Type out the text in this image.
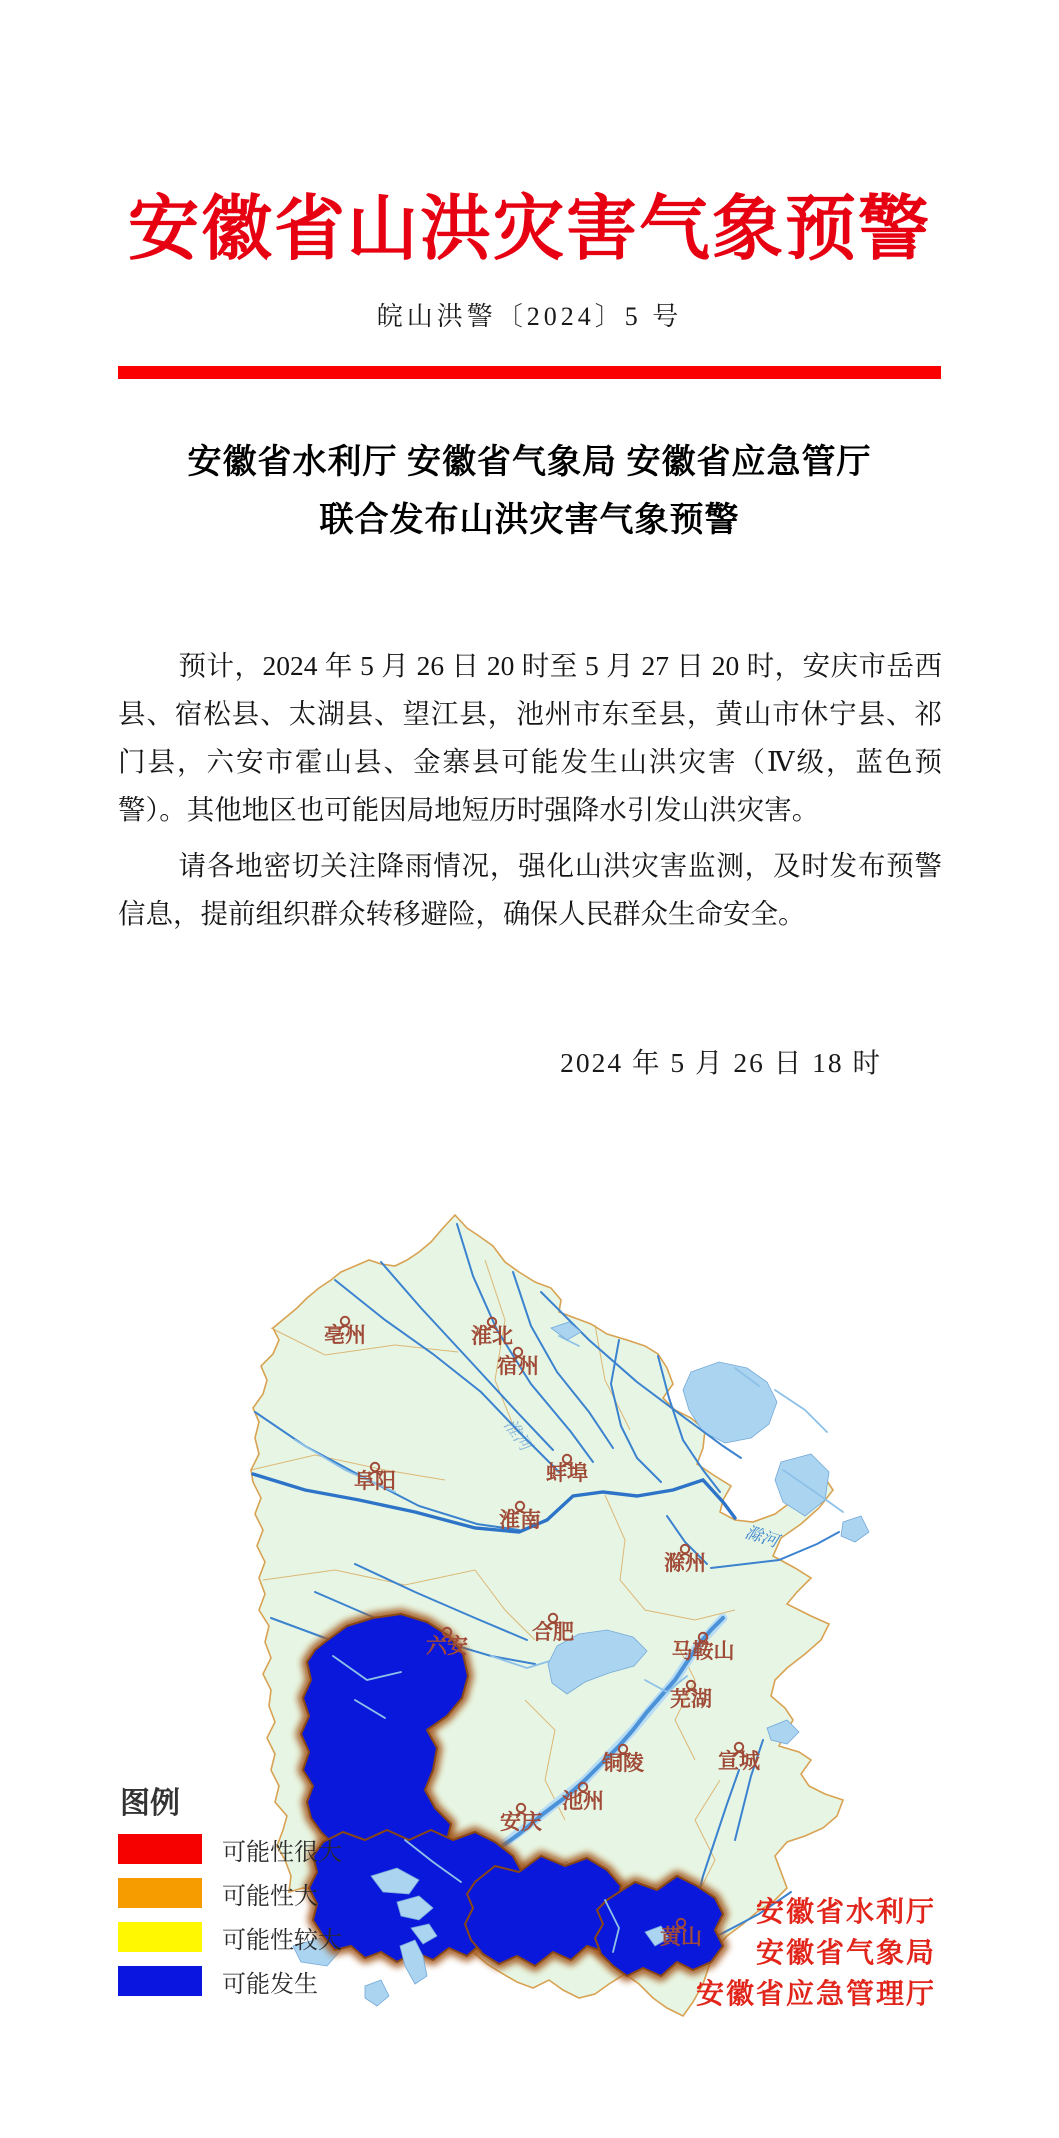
安徽省山洪灾害气象预警
皖山洪警〔2024〕5 号
安徽省水利厅 安徽省气象局 安徽省应急管厅
联合发布山洪灾害气象预警

预计，2024 年 5 月 26 日 20 时至 5 月 27 日 20 时，安庆市岳西县、宿松县、太湖县、望江县，池州市东至县，黄山市休宁县、祁门县，六安市霍山县、金寨县可能发生山洪灾害（Ⅳ级，蓝色预警）。其他地区也可能因局地短历时强降水引发山洪灾害。

请各地密切关注降雨情况，强化山洪灾害监测，及时发布预警信息，提前组织群众转移避险，确保人民群众生命安全。

2024 年 5 月 26 日 18 时
滁河
淮河
亳州	淮北
宿州
阜阳	蚌埠
淮南
滁州
六安
合肥
马鞍山
芜湖
铜陵	宣城
池州
安庆
黄山
图例
可能性很大
可能性大
可能性较大
可能发生
安徽省水利厅
安徽省气象局
安徽省应急管理厅
